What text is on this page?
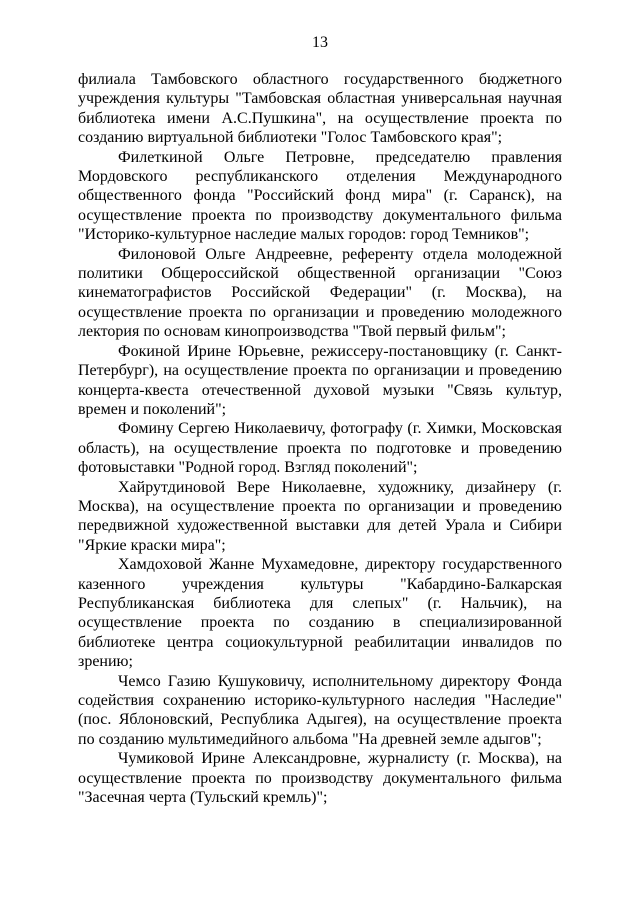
13

филиала Тамбовского областного государственного бюджетного учреждения культуры "Тамбовская областная универсальная научная библиотека имени А.С.Пушкина", на осуществление проекта по созданию виртуальной библиотеки "Голос Тамбовского края";

Филеткиной Ольге Петровне, председателю правления Мордовского республиканского отделения Международного общественного фонда "Российский фонд мира" (г. Саранск), на осуществление проекта по производству документального фильма "Историко-культурное наследие малых городов: город Темников";

Филоновой Ольге Андреевне, референту отдела молодежной политики Общероссийской общественной организации "Союз кинематографистов Российской Федерации" (г. Москва), на осуществление проекта по организации и проведению молодежного лектория по основам кинопроизводства "Твой первый фильм";

Фокиной Ирине Юрьевне, режиссеру-постановщику (г. Санкт-Петербург), на осуществление проекта по организации и проведению концерта-квеста отечественной духовой музыки "Связь культур, времен и поколений";

Фомину Сергею Николаевичу, фотографу (г. Химки, Московская область), на осуществление проекта по подготовке и проведению фотовыставки "Родной город. Взгляд поколений";

Хайрутдиновой Вере Николаевне, художнику, дизайнеру (г. Москва), на осуществление проекта по организации и проведению передвижной художественной выставки для детей Урала и Сибири "Яркие краски мира";

Хамдоховой Жанне Мухамедовне, директору государственного казенного учреждения культуры "Кабардино-Балкарская Республиканская библиотека для слепых" (г. Нальчик), на осуществление проекта по созданию в специализированной библиотеке центра социокультурной реабилитации инвалидов по зрению;

Чемсо Газию Кушуковичу, исполнительному директору Фонда содействия сохранению историко-культурного наследия "Наследие" (пос. Яблоновский, Республика Адыгея), на осуществление проекта по созданию мультимедийного альбома "На древней земле адыгов";

Чумиковой Ирине Александровне, журналисту (г. Москва), на осуществление проекта по производству документального фильма "Засечная черта (Тульский кремль)";
